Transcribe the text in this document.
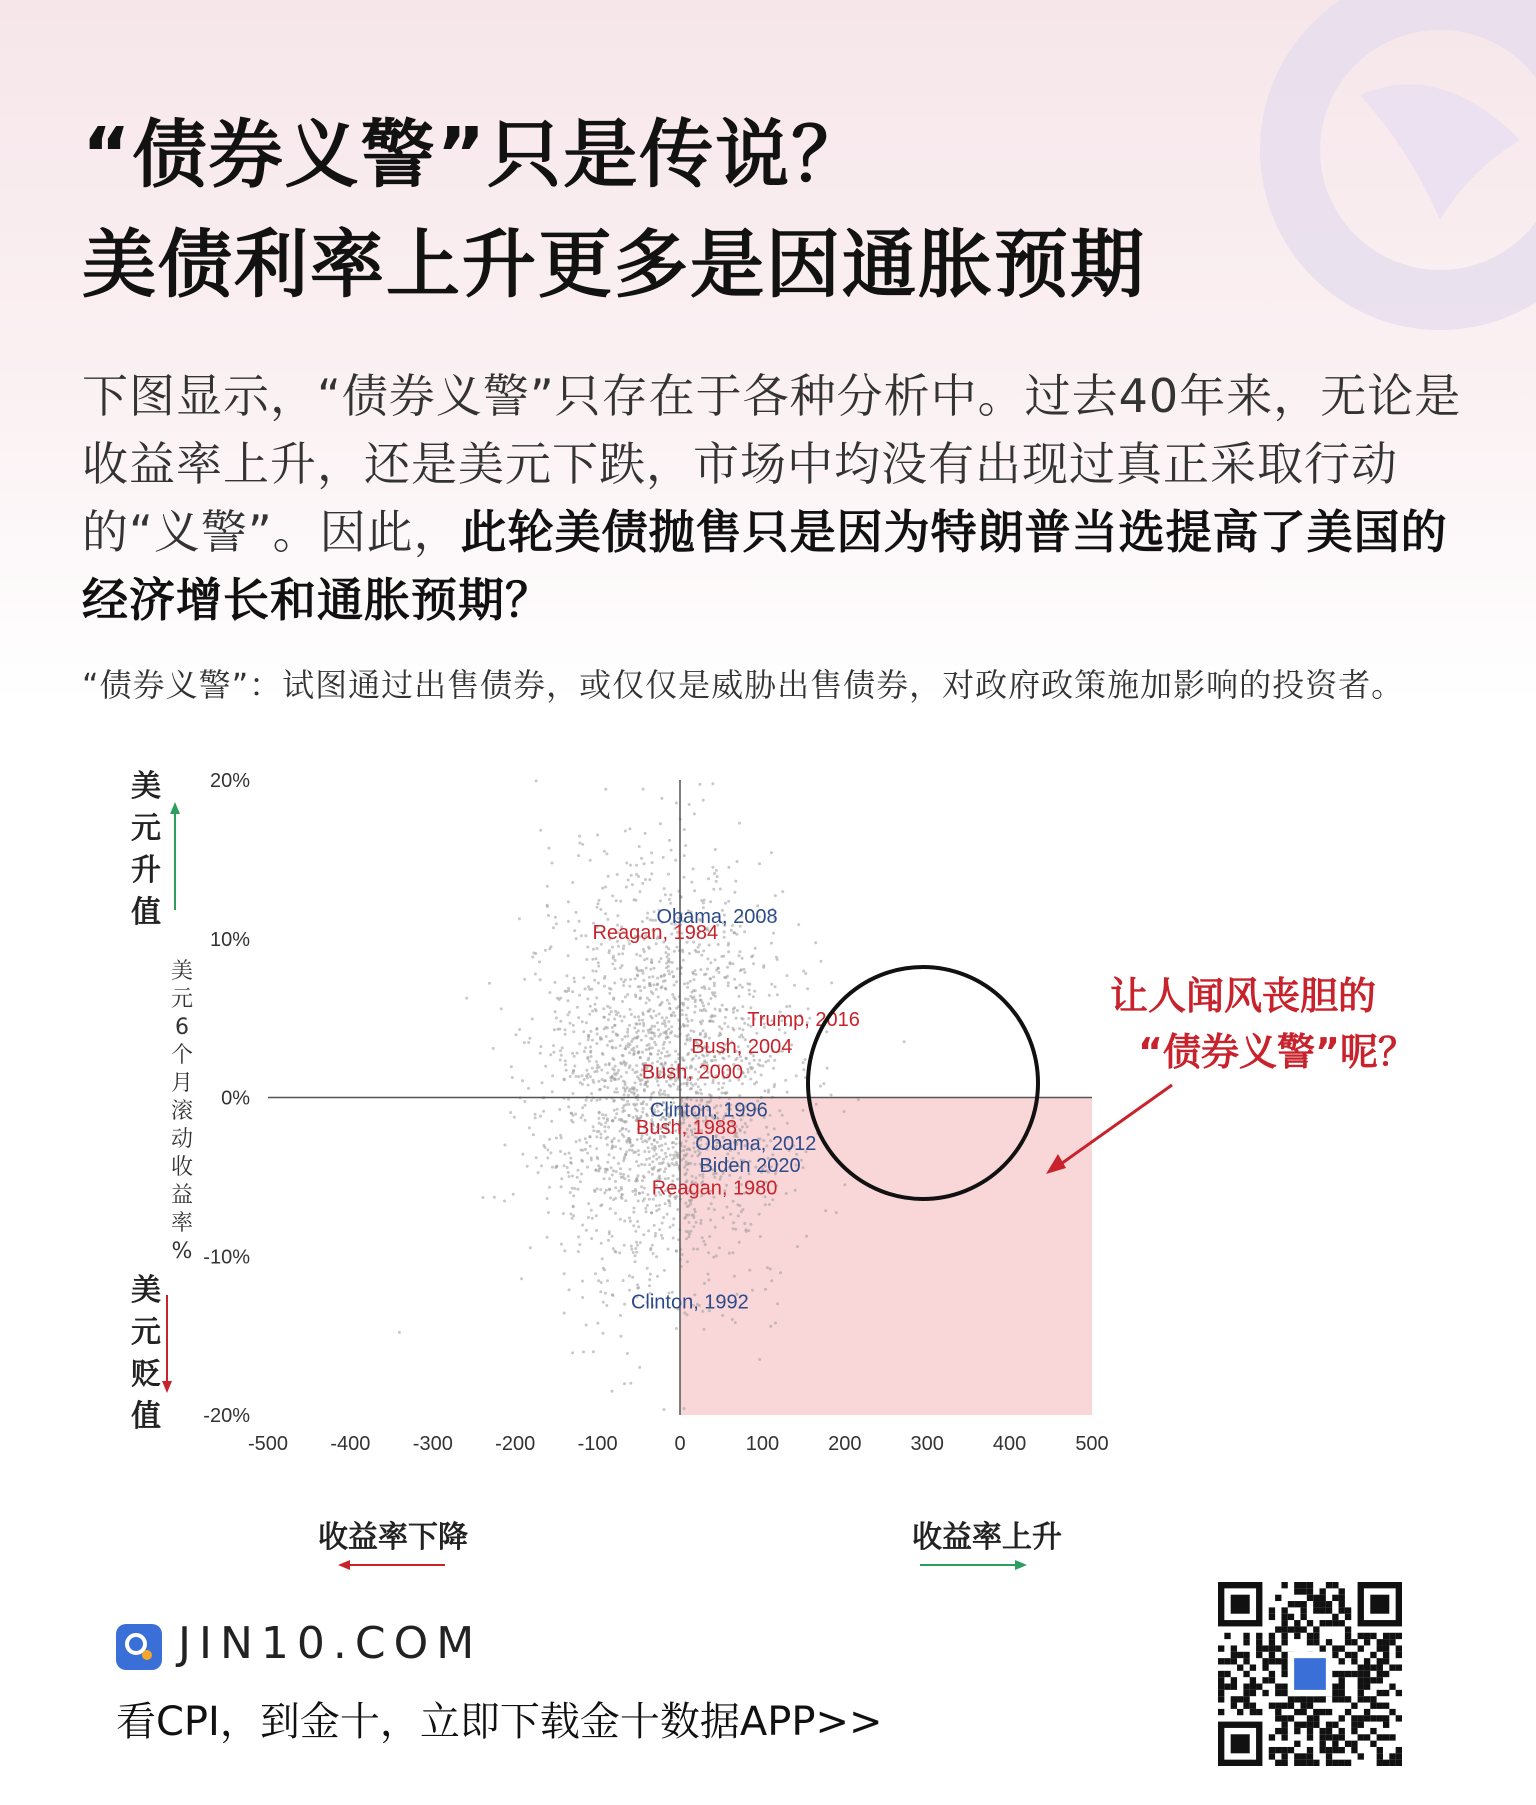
“债券义警”只是传说？
美债利率上升更多是因通胀预期

下图显示，“债券义警”只存在于各种分析中。过去40年来，无论是收益率上升，还是美元下跌，市场中均没有出现过真正采取行动的“义警”。因此，此轮美债抛售只是因为特朗普当选提高了美国的经济增长和通胀预期？

“债券义警”：试图通过出售债券，或仅仅是威胁出售债券，对政府政策施加影响的投资者。

-500 -400 -300 -200 -100	0	100 200 300 400 500
20%
10%
0%
-10%
-20%
Reagan, 1984
Obama, 2008
Trump, 2016
Bush, 2004
Bush, 2000
Clinton, 1996
Bush, 1988
Obama, 2012
Biden 2020
Reagan, 1980
Clinton, 1992
美
元
升
值
美
元
贬
值
美
元
6
个
月
滚
动
收
益
率
%
收益率下降	收益率上升
让人闻风丧胆的
“债券义警”呢？
JIN10.COM
看CPI，到金十，立即下载金十数据APP>>
